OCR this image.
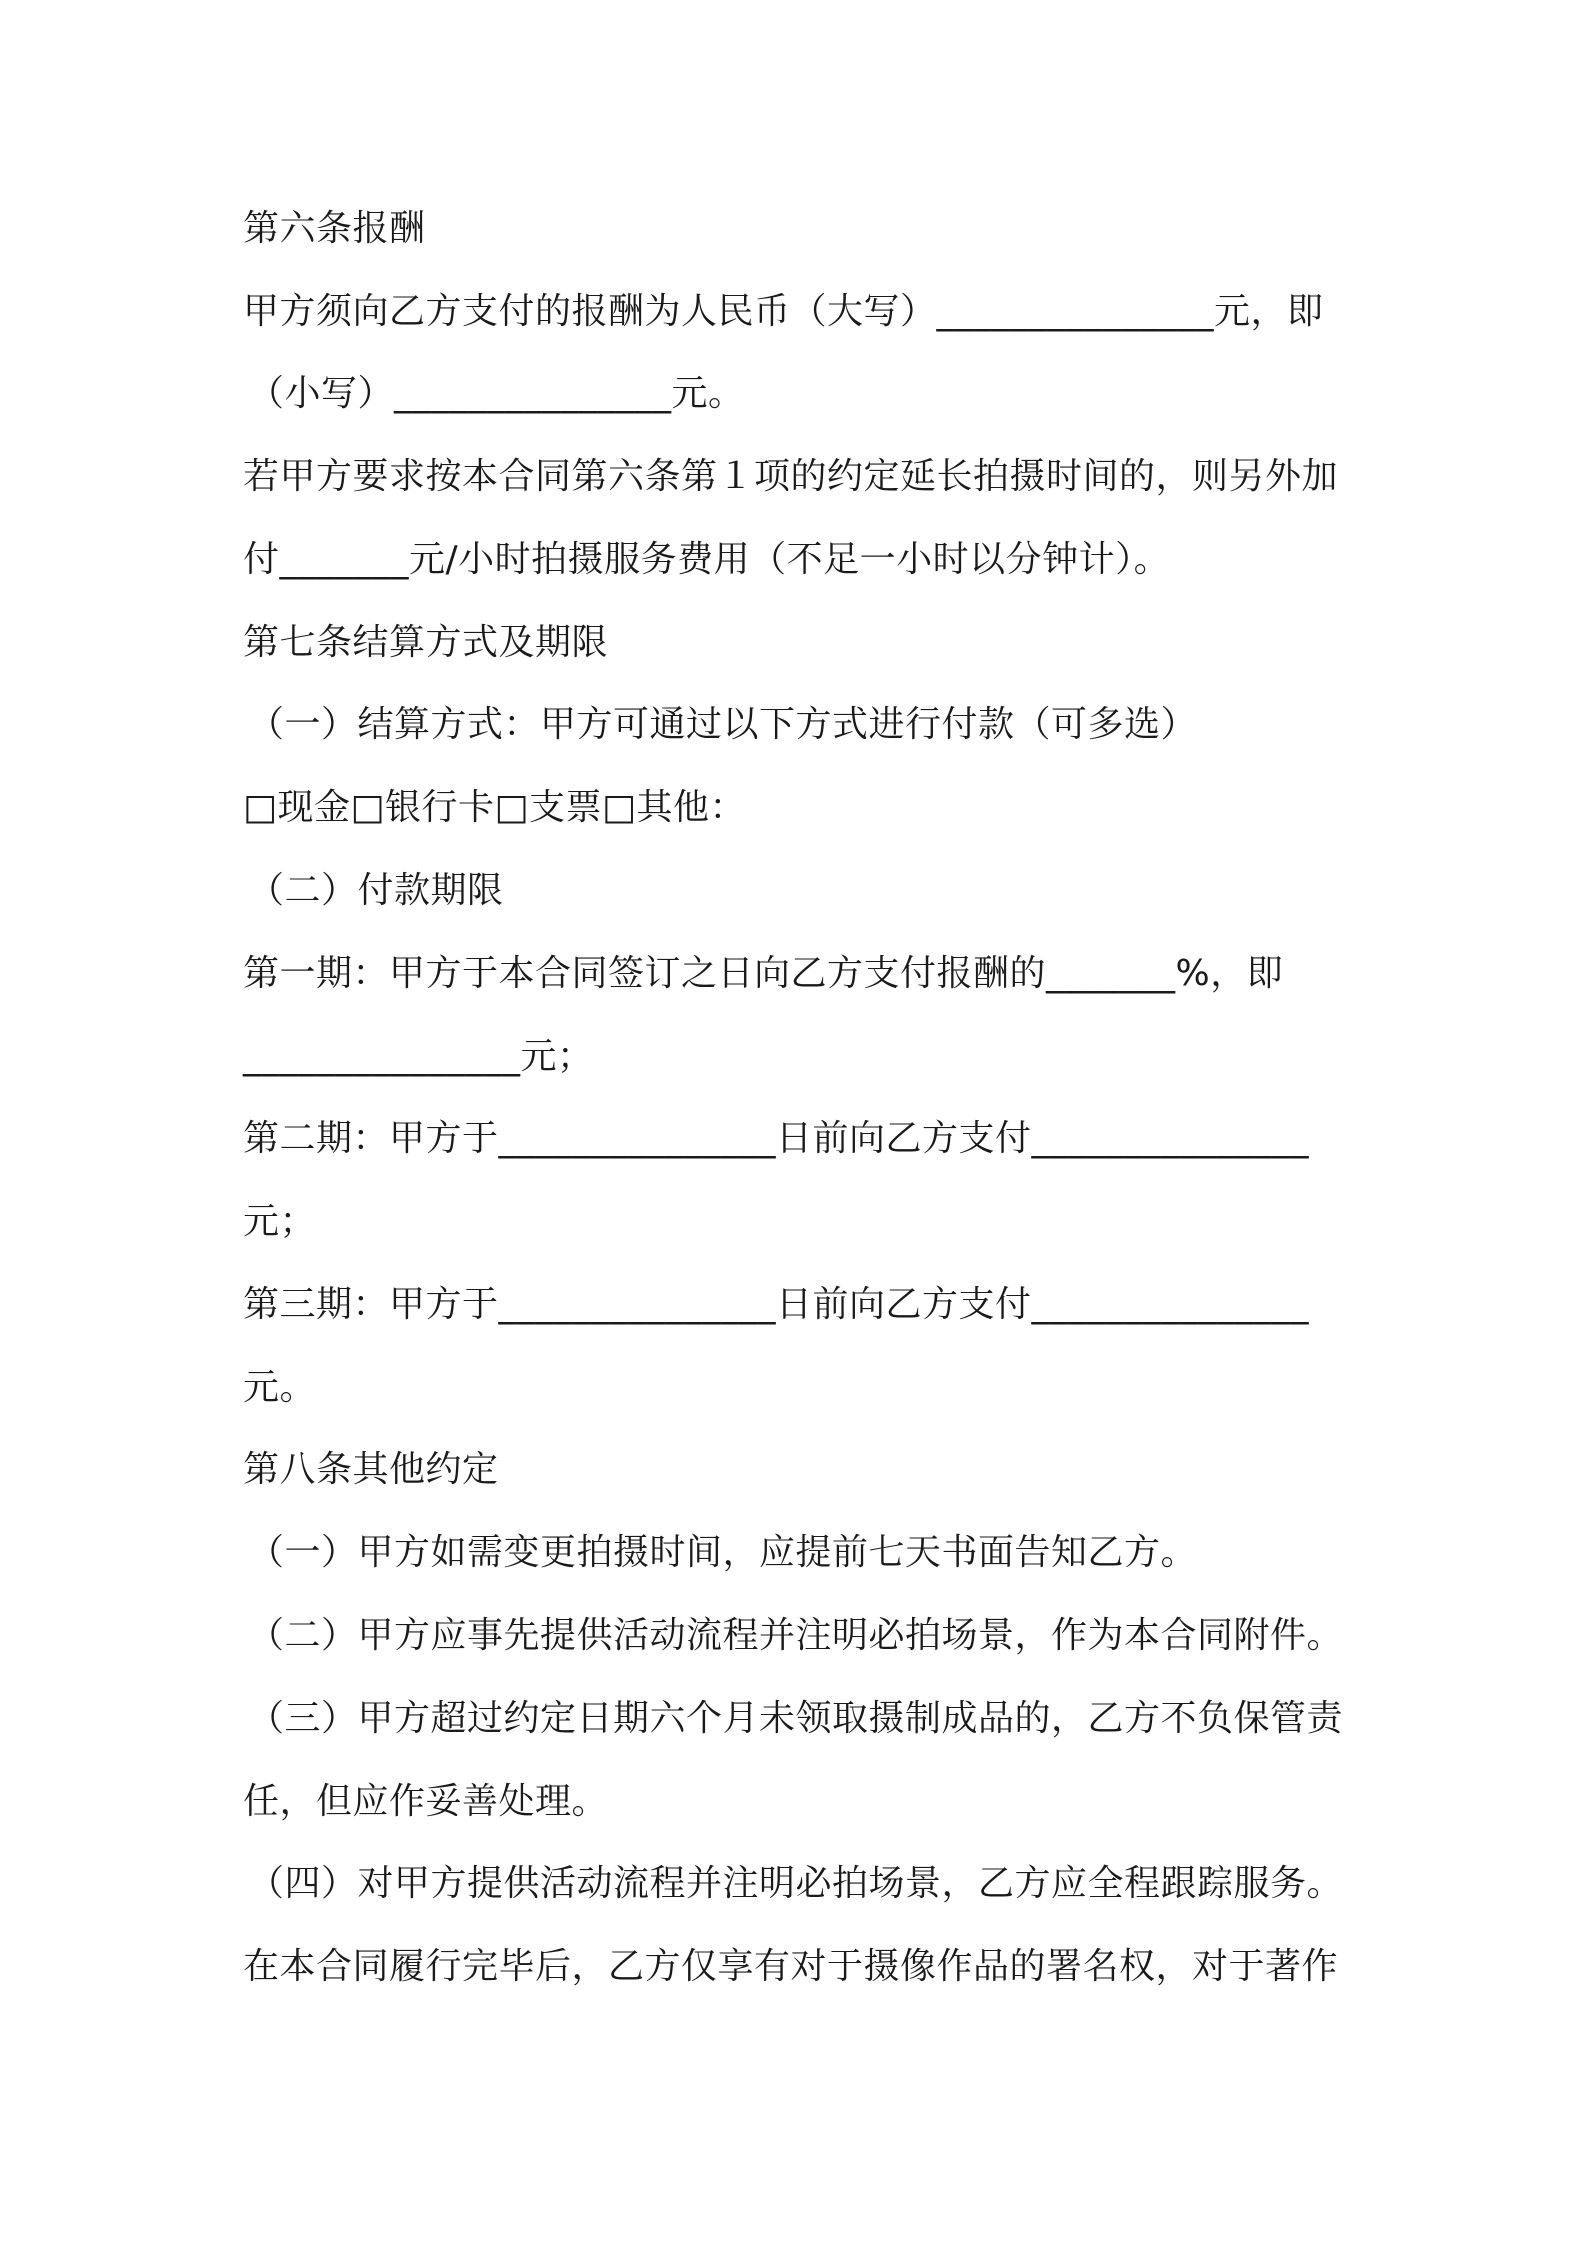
第六条报酬
甲方须向乙方支付的报酬为人民币（大写）_______________元，即
（小写）_______________元。
若甲方要求按本合同第六条第１项的约定延长拍摄时间的，则另外加
付_______元/小时拍摄服务费用（不足一小时以分钟计）。
第七条结算方式及期限
（一）结算方式：甲方可通过以下方式进行付款（可多选）
□现金□银行卡□支票□其他：
（二）付款期限
第一期：甲方于本合同签订之日向乙方支付报酬的_______%，即
_______________元；
第二期：甲方于_______________日前向乙方支付_______________
元；
第三期：甲方于_______________日前向乙方支付_______________
元。
第八条其他约定
（一）甲方如需变更拍摄时间，应提前七天书面告知乙方。
（二）甲方应事先提供活动流程并注明必拍场景，作为本合同附件。
（三）甲方超过约定日期六个月未领取摄制成品的，乙方不负保管责
任，但应作妥善处理。
（四）对甲方提供活动流程并注明必拍场景，乙方应全程跟踪服务。
在本合同履行完毕后，乙方仅享有对于摄像作品的署名权，对于著作
